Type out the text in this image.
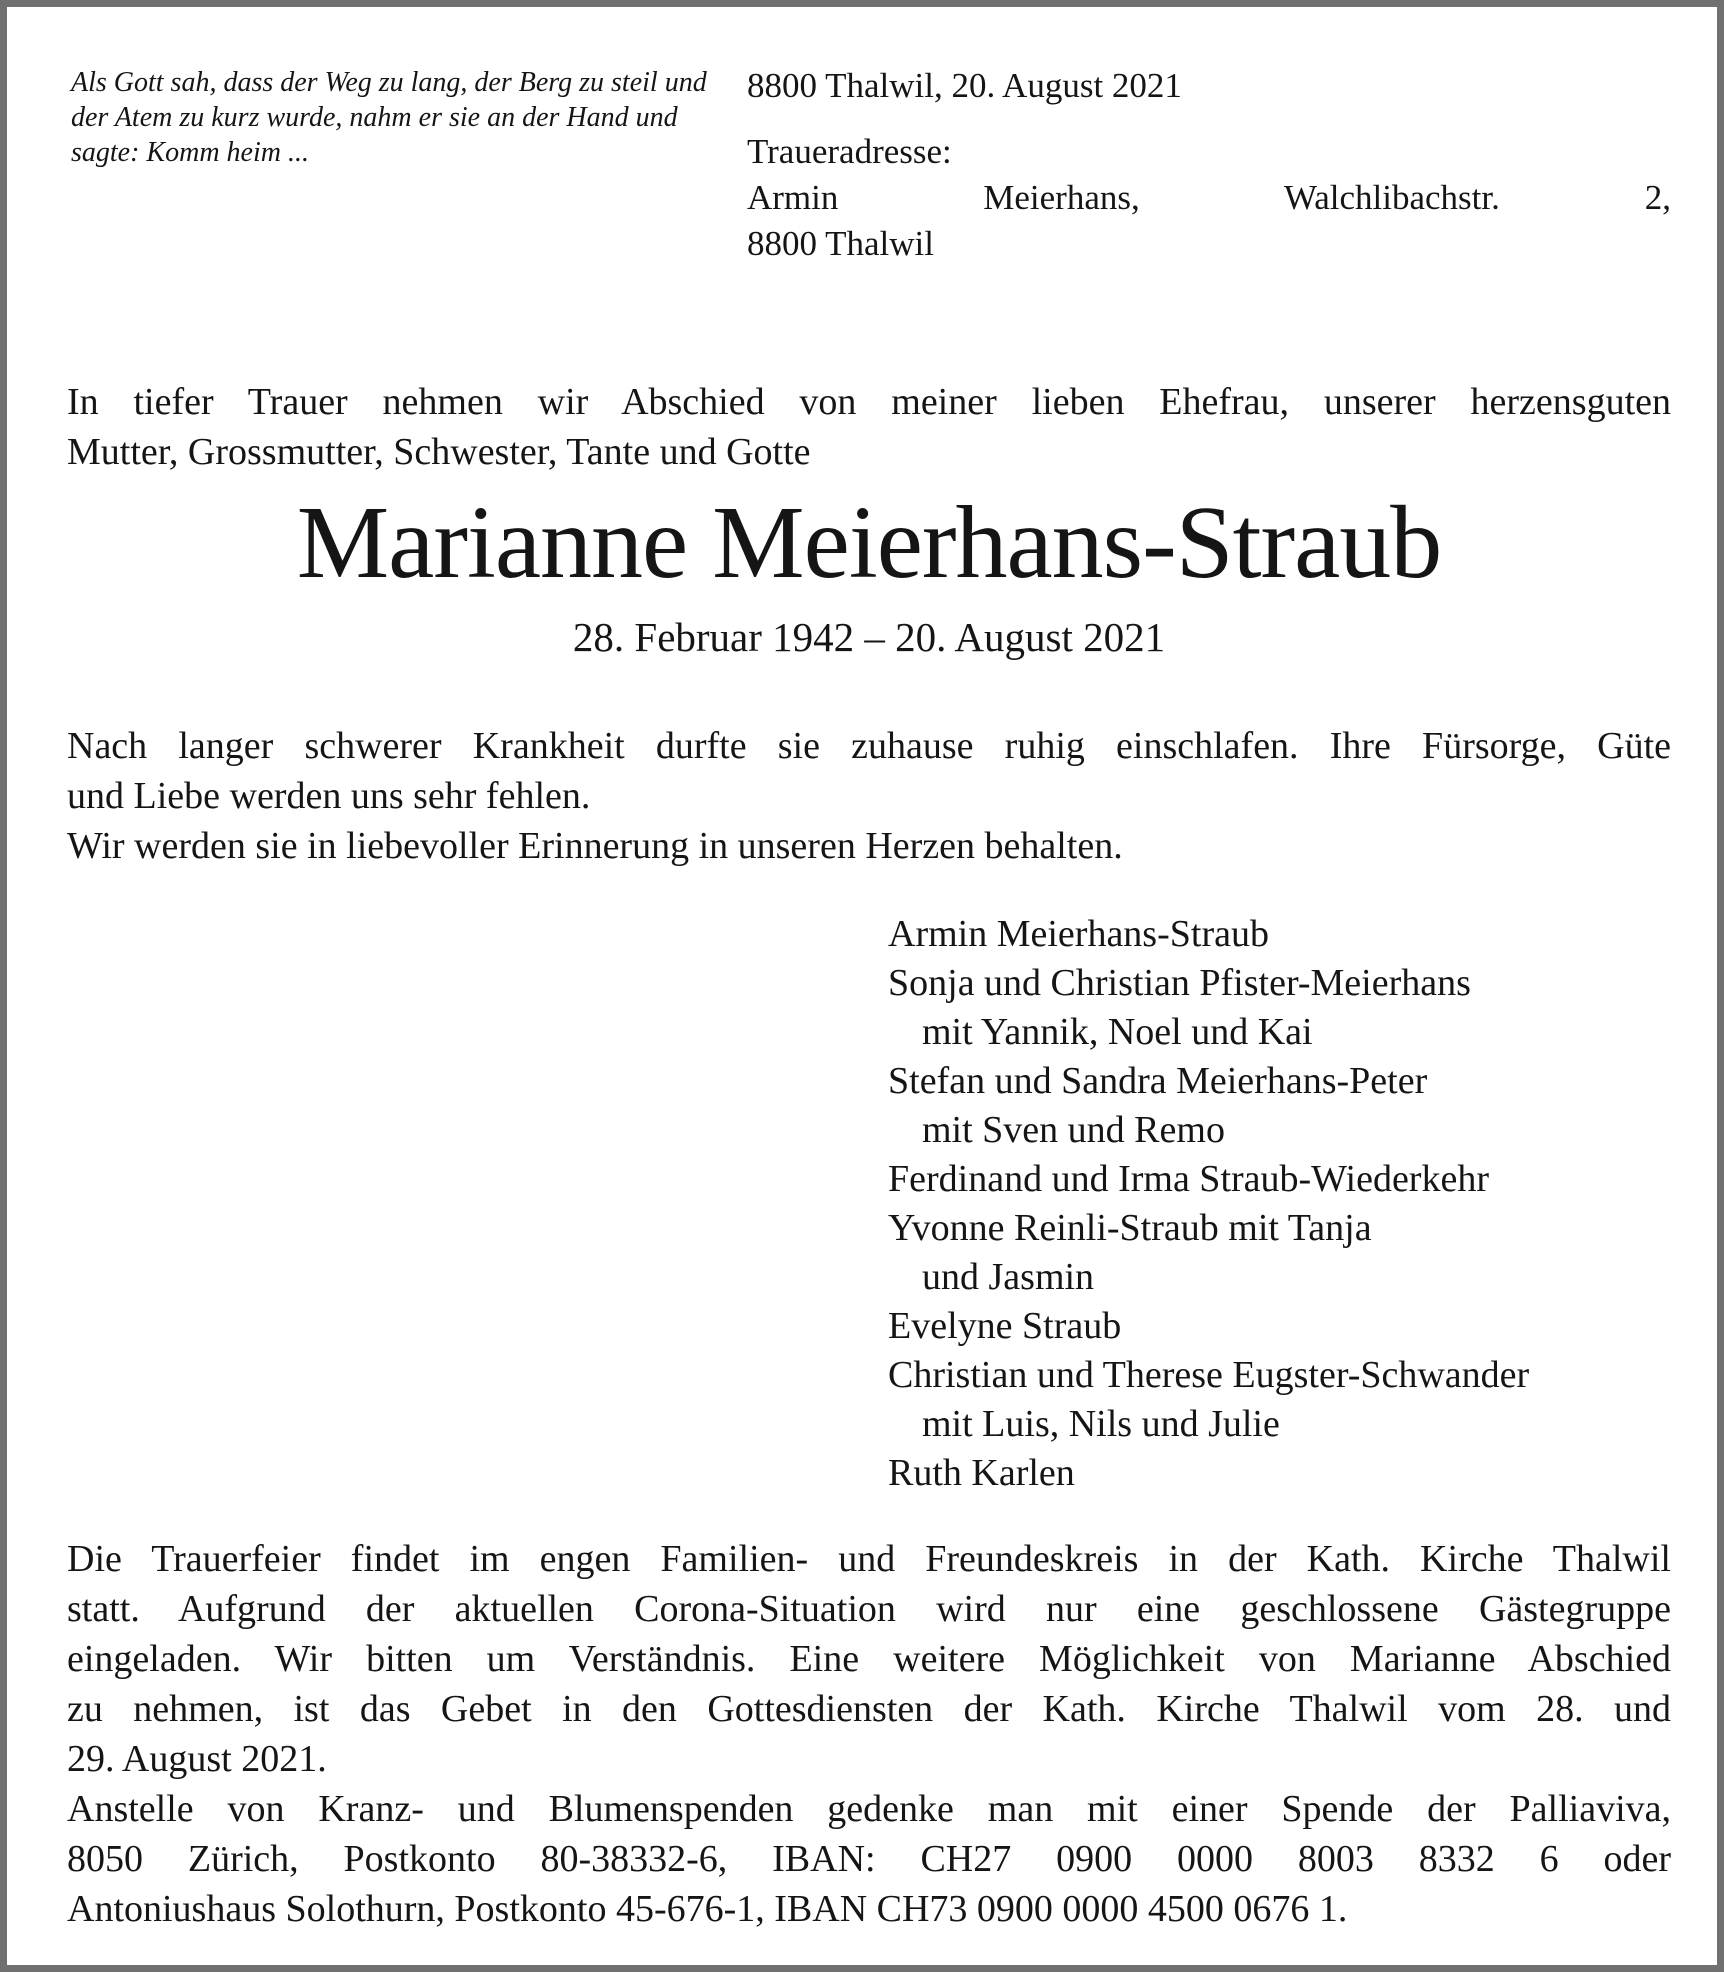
Als Gott sah, dass der Weg zu lang, der Berg zu steil und
der Atem zu kurz wurde, nahm er sie an der Hand und
sagte: Komm heim ...
8800 Thalwil, 20. August 2021
Traueradresse:
Armin Meierhans, Walchlibachstr. 2,
8800 Thalwil
In tiefer Trauer nehmen wir Abschied von meiner lieben Ehefrau, unserer herzensguten
Mutter, Grossmutter, Schwester, Tante und Gotte
Marianne Meierhans-Straub
28. Februar 1942 – 20. August 2021
Nach langer schwerer Krankheit durfte sie zuhause ruhig einschlafen. Ihre Fürsorge, Güte
und Liebe werden uns sehr fehlen.
Wir werden sie in liebevoller Erinnerung in unseren Herzen behalten.
Armin Meierhans-Straub
Sonja und Christian Pfister-Meierhans
mit Yannik, Noel und Kai
Stefan und Sandra Meierhans-Peter
mit Sven und Remo
Ferdinand und Irma Straub-Wiederkehr
Yvonne Reinli-Straub mit Tanja
und Jasmin
Evelyne Straub
Christian und Therese Eugster-Schwander
mit Luis, Nils und Julie
Ruth Karlen
Die Trauerfeier findet im engen Familien- und Freundeskreis in der Kath. Kirche Thalwil
statt. Aufgrund der aktuellen Corona-Situation wird nur eine geschlossene Gästegruppe
eingeladen. Wir bitten um Verständnis. Eine weitere Möglichkeit von Marianne Abschied
zu nehmen, ist das Gebet in den Gottesdiensten der Kath. Kirche Thalwil vom 28. und
29. August 2021.
Anstelle von Kranz- und Blumenspenden gedenke man mit einer Spende der Palliaviva,
8050 Zürich, Postkonto 80-38332-6, IBAN: CH27 0900 0000 8003 8332 6 oder
Antoniushaus Solothurn, Postkonto 45-676-1, IBAN CH73 0900 0000 4500 0676 1.
